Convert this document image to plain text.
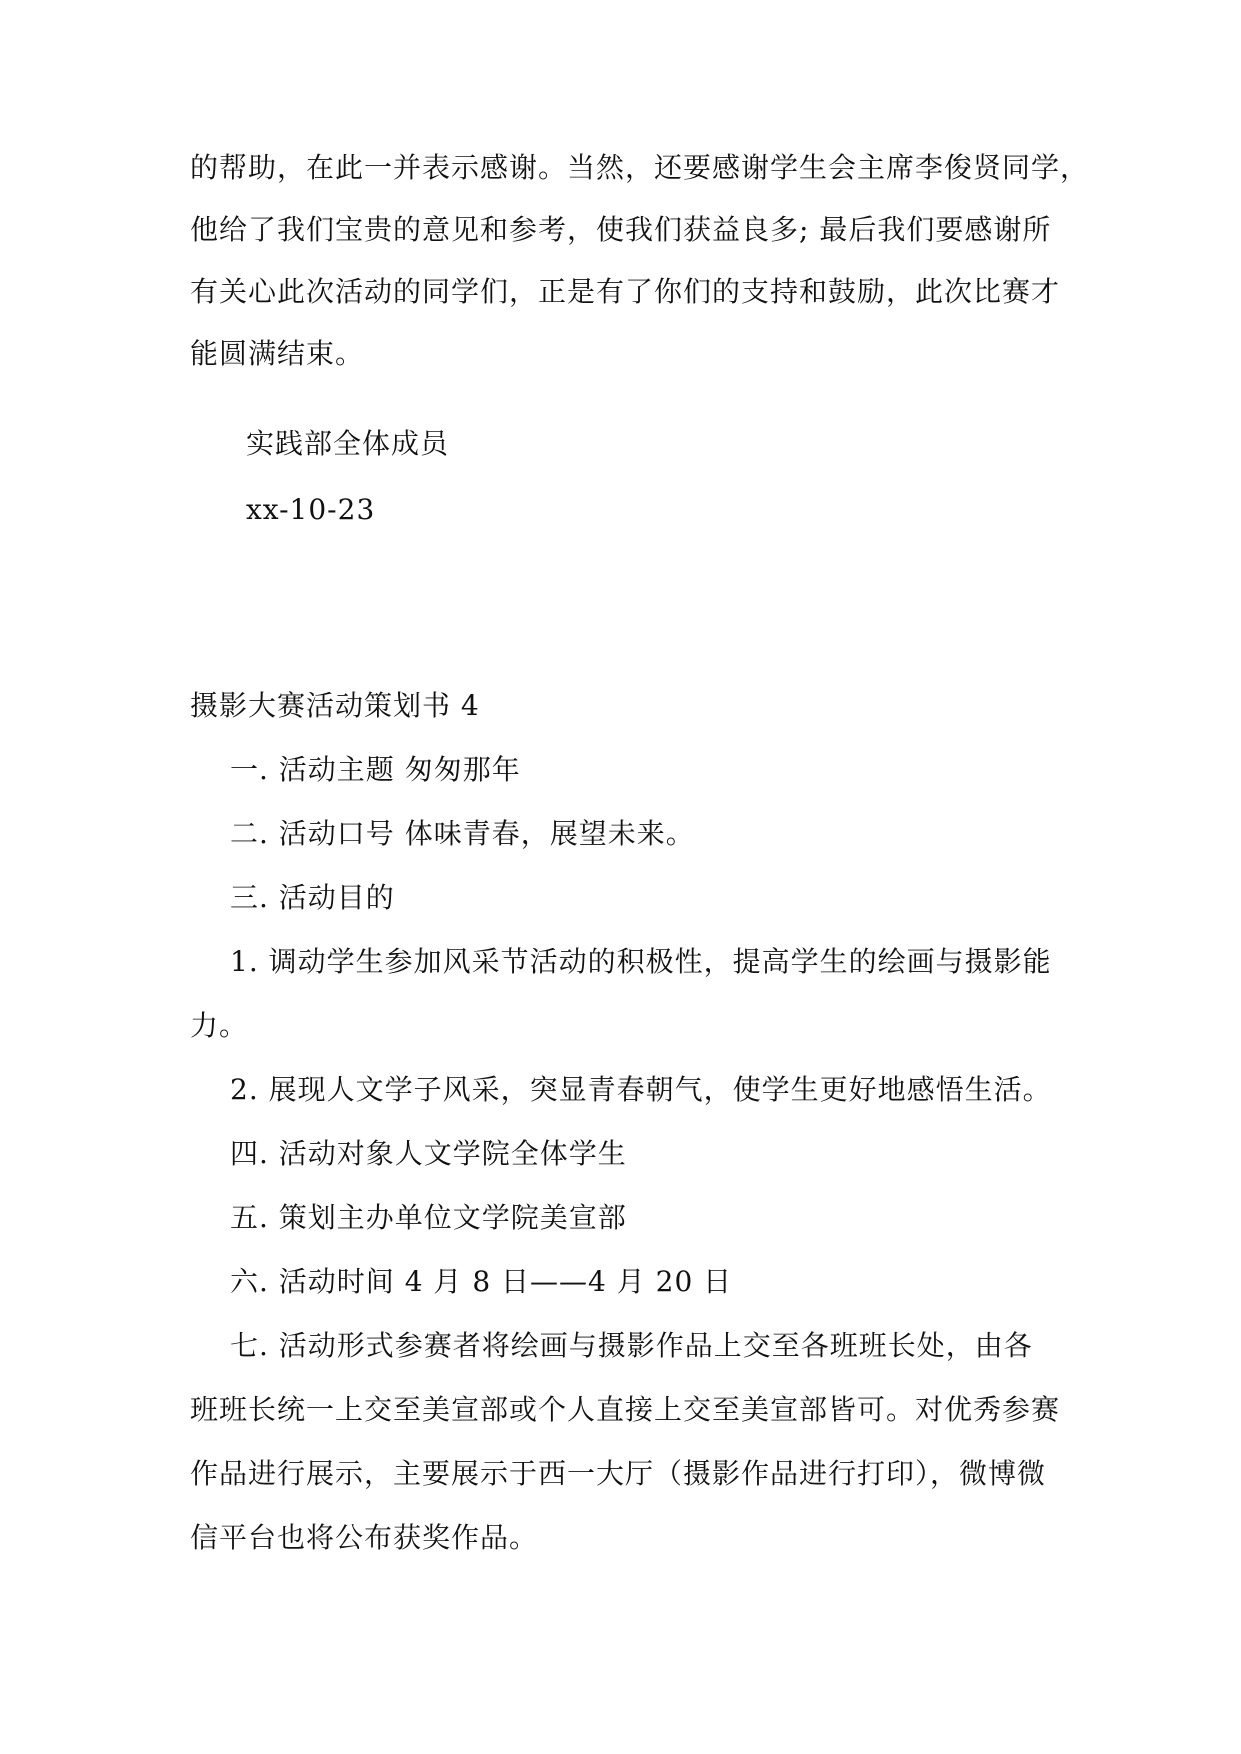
的帮助，在此一并表示感谢。当然，还要感谢学生会主席李俊贤同学，
他给了我们宝贵的意见和参考，使我们获益良多; 最后我们要感谢所
有关心此次活动的同学们，正是有了你们的支持和鼓励，此次比赛才
能圆满结束。
实践部全体成员
xx-10-23
摄影大赛活动策划书 4
一. 活动主题 匆匆那年
二. 活动口号 体味青春，展望未来。
三. 活动目的
1. 调动学生参加风采节活动的积极性，提高学生的绘画与摄影能
力。
2. 展现人文学子风采，突显青春朝气，使学生更好地感悟生活。
四. 活动对象人文学院全体学生
五. 策划主办单位文学院美宣部
六. 活动时间 4 月 8 日——4 月 20 日
七. 活动形式参赛者将绘画与摄影作品上交至各班班长处，由各
班班长统一上交至美宣部或个人直接上交至美宣部皆可。对优秀参赛
作品进行展示，主要展示于西一大厅（摄影作品进行打印），微博微
信平台也将公布获奖作品。
